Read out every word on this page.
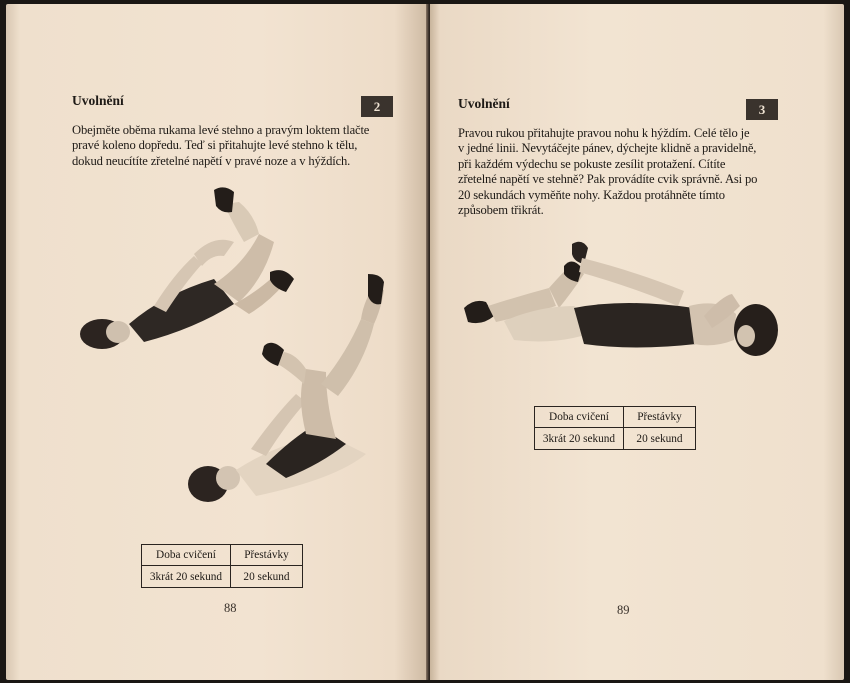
Uvolnění	2
Obejměte oběma rukama levé stehno a pravým loktem tlačte
pravé koleno dopředu. Teď si přitahujte levé stehno k tělu,
dokud neucítíte zřetelné napětí v pravé noze a v hýždích.
Doba cvičení	Přestávky
3krát 20 sekund	20 sekund
88
Uvolnění	3
Pravou rukou přitahujte pravou nohu k hýždím. Celé tělo je
v jedné linii. Nevytáčejte pánev, dýchejte klidně a pravidelně,
při každém výdechu se pokuste zesílit protažení. Cítíte
zřetelné napětí ve stehně? Pak provádíte cvik správně. Asi po
20 sekundách vyměňte nohy. Každou protáhněte tímto
způsobem třikrát.
Doba cvičení	Přestávky
3krát 20 sekund	20 sekund
89
